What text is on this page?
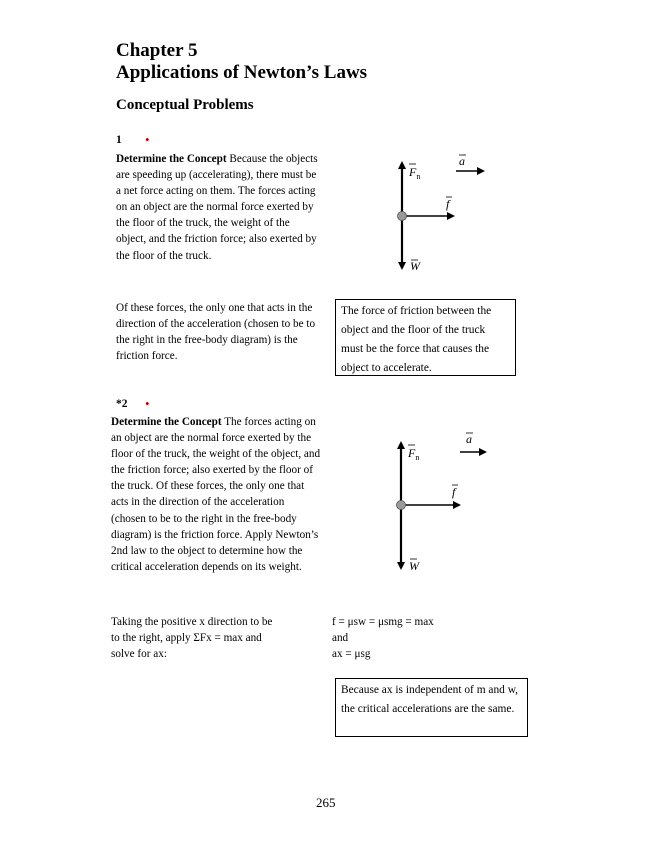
Chapter 5
Applications of Newton’s Laws
Conceptual Problems
1 •
Determine the Concept Because the objects are speeding up (accelerating), there must be a net force acting on them. The forces acting on an object are the normal force exerted by the floor of the truck, the weight of the object, and the friction force; also exerted by the floor of the truck.
$F_n$
a
f
W
Of these forces, the only one that acts in the direction of the acceleration (chosen to be to the right in the free-body diagram) is the friction force.
The force of friction between the object and the floor of the truck must be the force that causes the object to accelerate.
*2 •
Determine the Concept The forces acting on an object are the normal force exerted by the floor of the truck, the weight of the object, and the friction force; also exerted by the floor of the truck. Of these forces, the only one that acts in the direction of the acceleration (chosen to be to the right in the free-body diagram) is the friction force. Apply Newton’s 2nd law to the object to determine how the critical acceleration depends on its weight.
$F_n$
a
f
W
Taking the positive x direction to be
to the right, apply ΣFx = max and
solve for ax:
f = μsw = μsmg = max
and
ax = μsg
Because ax is independent of m and w, the critical accelerations are the same.
265
